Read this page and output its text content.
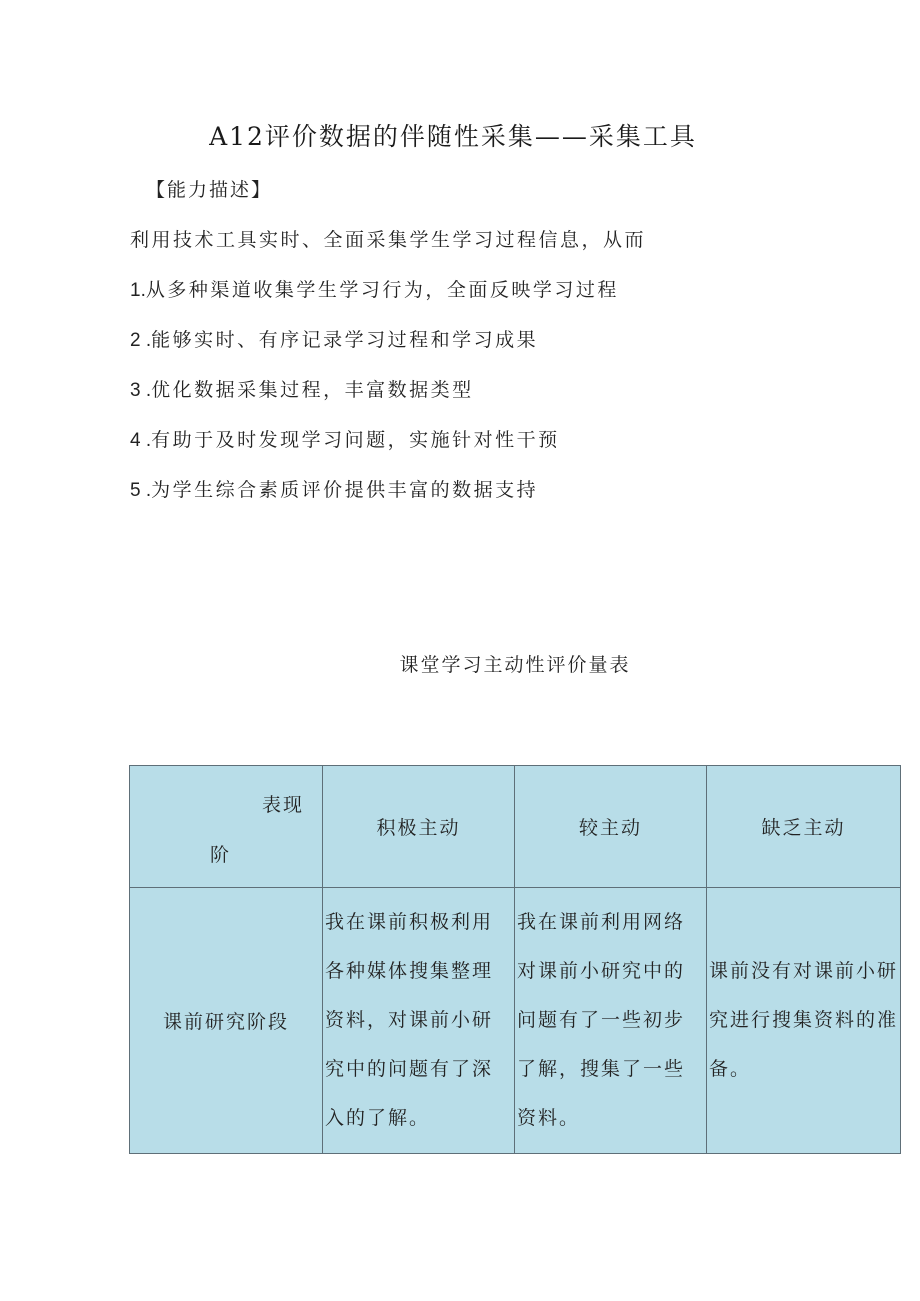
A12评价数据的伴随性采集——采集工具
【能力描述】
利用技术工具实时、全面采集学生学习过程信息，从而
1.从多种渠道收集学生学习行为，全面反映学习过程
2 .能够实时、有序记录学习过程和学习成果
3 .优化数据采集过程，丰富数据类型
4 .有助于及时发现学习问题，实施针对性干预
5 .为学生综合素质评价提供丰富的数据支持
课堂学习主动性评价量表
表现
阶	积极主动	较主动	缺乏主动
课前研究阶段	我在课前积极利用各种媒体搜集整理资料，对课前小研究中的问题有了深入的了解。	我在课前利用网络对课前小研究中的问题有了一些初步了解，搜集了一些资料。	课前没有对课前小研究进行搜集资料的准备。
